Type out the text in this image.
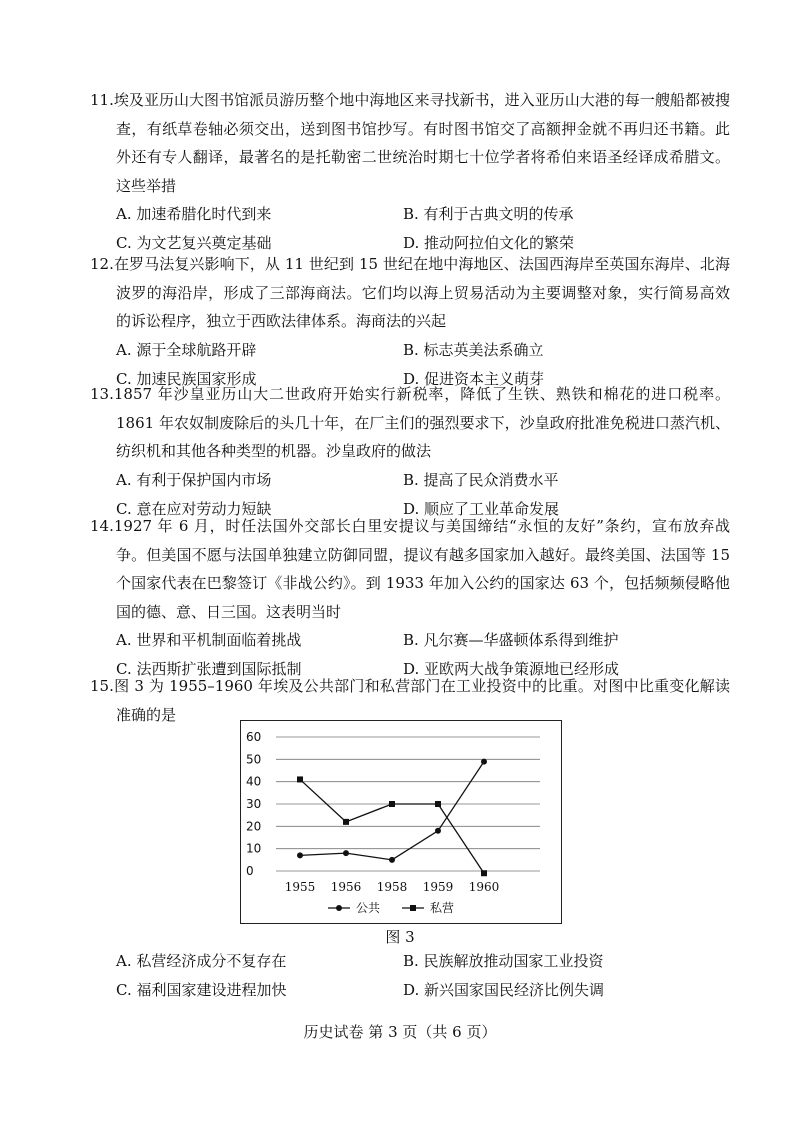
11.埃及亚历山大图书馆派员游历整个地中海地区来寻找新书，进入亚历山大港的每一艘船都被搜查，有纸草卷轴必须交出，送到图书馆抄写。有时图书馆交了高额押金就不再归还书籍。此外还有专人翻译，最著名的是托勒密二世统治时期七十位学者将希伯来语圣经译成希腊文。这些举措

A. 加速希腊化时代到来	B. 有利于古典文明的传承
C. 为文艺复兴奠定基础	D. 推动阿拉伯文化的繁荣

12.在罗马法复兴影响下，从 11 世纪到 15 世纪在地中海地区、法国西海岸至英国东海岸、北海波罗的海沿岸，形成了三部海商法。它们均以海上贸易活动为主要调整对象，实行简易高效的诉讼程序，独立于西欧法律体系。海商法的兴起

A. 源于全球航路开辟	B. 标志英美法系确立
C. 加速民族国家形成	D. 促进资本主义萌芽

13.1857 年沙皇亚历山大二世政府开始实行新税率，降低了生铁、熟铁和棉花的进口税率。1861 年农奴制废除后的头几十年，在厂主们的强烈要求下，沙皇政府批准免税进口蒸汽机、纺织机和其他各种类型的机器。沙皇政府的做法

A. 有利于保护国内市场	B. 提高了民众消费水平
C. 意在应对劳动力短缺	D. 顺应了工业革命发展

14.1927 年 6 月，时任法国外交部长白里安提议与美国缔结“永恒的友好”条约，宣布放弃战争。但美国不愿与法国单独建立防御同盟，提议有越多国家加入越好。最终美国、法国等 15 个国家代表在巴黎签订《非战公约》。到 1933 年加入公约的国家达 63 个，包括频频侵略他国的德、意、日三国。这表明当时

A. 世界和平机制面临着挑战	B. 凡尔赛—华盛顿体系得到维护
C. 法西斯扩张遭到国际抵制	D. 亚欧两大战争策源地已经形成

15.图 3 为 1955–1960 年埃及公共部门和私营部门在工业投资中的比重。对图中比重变化解读准确的是

60
50
40
30
20
10
0
1955 1956 1958 1959 1960
公共	私营
图 3
A. 私营经济成分不复存在	B. 民族解放推动国家工业投资
C. 福利国家建设进程加快	D. 新兴国家国民经济比例失调
历史试卷 第 3 页（共 6 页）
